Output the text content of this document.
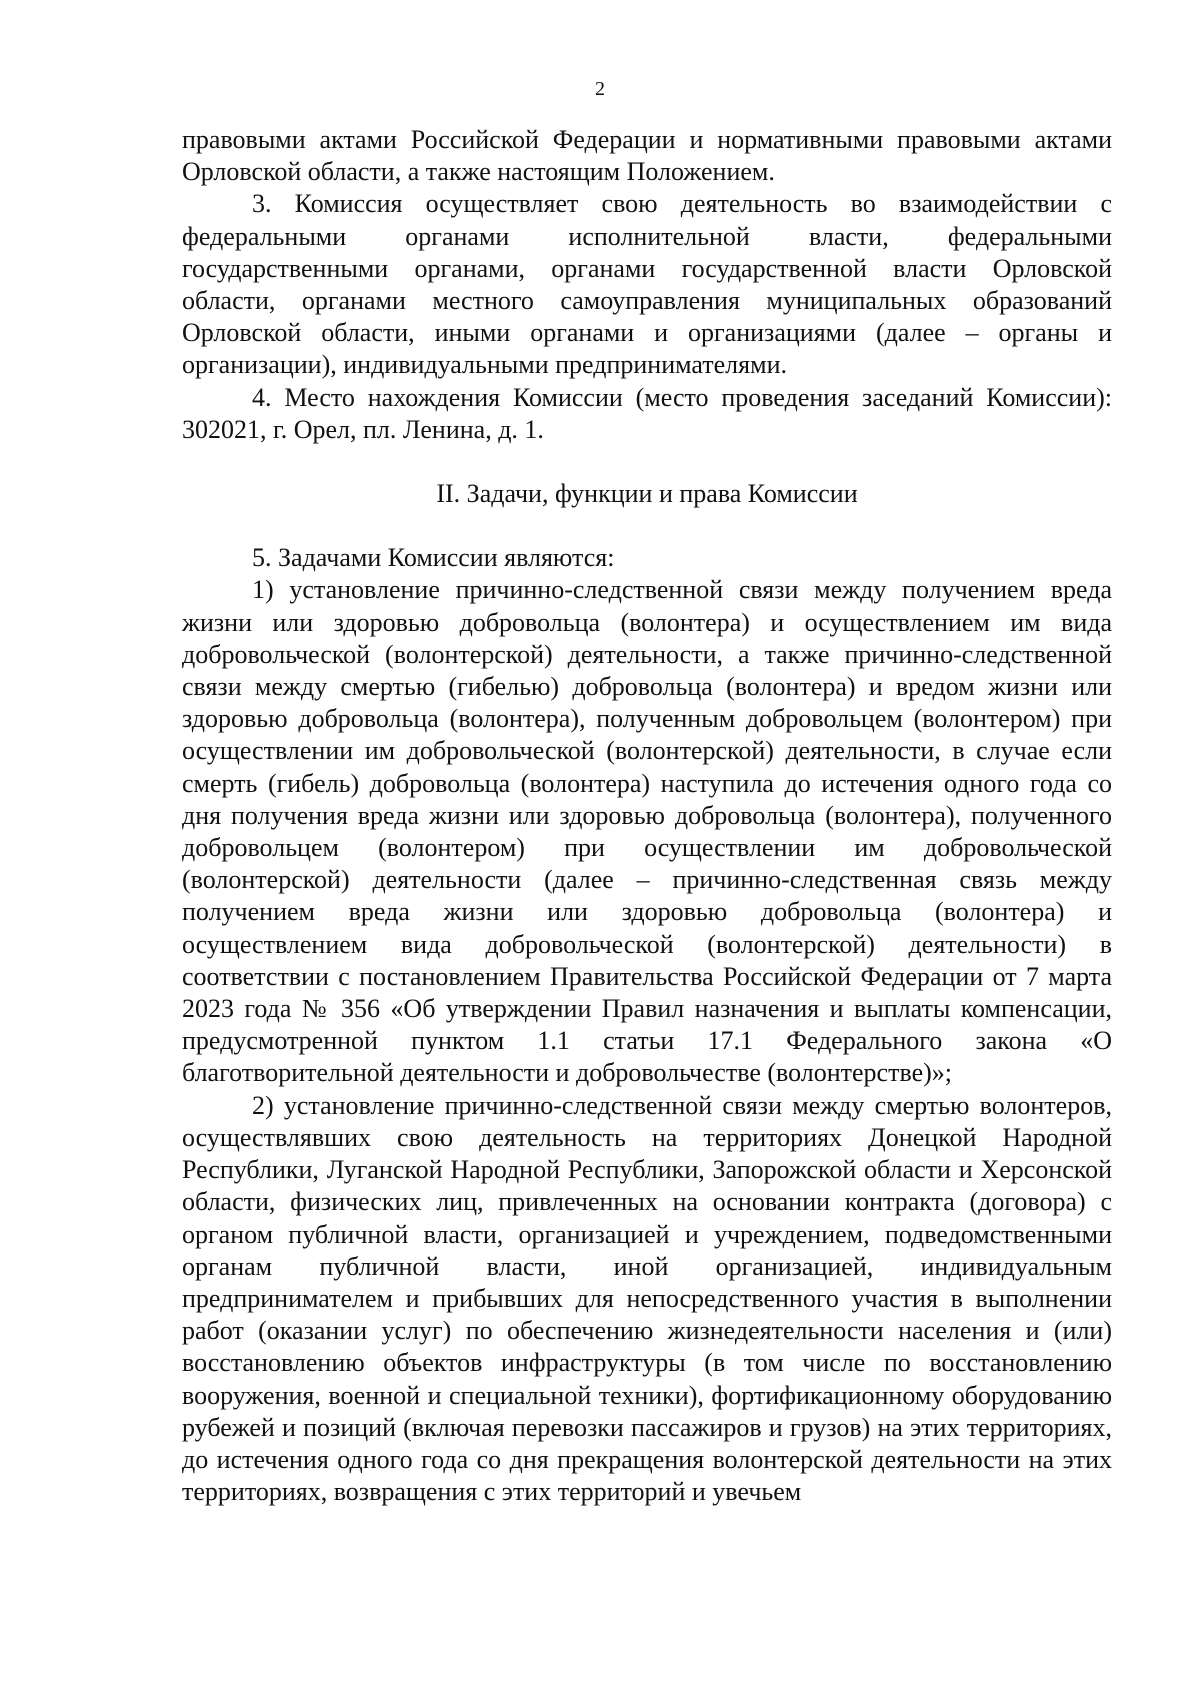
2

правовыми актами Российской Федерации и нормативными правовыми актами Орловской области, а также настоящим Положением.

3. Комиссия осуществляет свою деятельность во взаимодействии с федеральными органами исполнительной власти, федеральными государственными органами, органами государственной власти Орловской области, органами местного самоуправления муниципальных образований Орловской области, иными органами и организациями (далее – органы и организации), индивидуальными предпринимателями.

4. Место нахождения Комиссии (место проведения заседаний Комиссии): 302021, г. Орел, пл. Ленина, д. 1.

II. Задачи, функции и права Комиссии

5. Задачами Комиссии являются:

1) установление причинно-следственной связи между получением вреда жизни или здоровью добровольца (волонтера) и осуществлением им вида добровольческой (волонтерской) деятельности, а также причинно-следственной связи между смертью (гибелью) добровольца (волонтера) и вредом жизни или здоровью добровольца (волонтера), полученным добровольцем (волонтером) при осуществлении им добровольческой (волонтерской) деятельности, в случае если смерть (гибель) добровольца (волонтера) наступила до истечения одного года со дня получения вреда жизни или здоровью добровольца (волонтера), полученного добровольцем (волонтером) при осуществлении им добровольческой (волонтерской) деятельности (далее – причинно-следственная связь между получением вреда жизни или здоровью добровольца (волонтера) и осуществлением вида добровольческой (волонтерской) деятельности) в соответствии с постановлением Правительства Российской Федерации от 7 марта 2023 года № 356 «Об утверждении Правил назначения и выплаты компенсации, предусмотренной пунктом 1.1 статьи 17.1 Федерального закона «О благотворительной деятельности и добровольчестве (волонтерстве)»;

2) установление причинно-следственной связи между смертью волонтеров, осуществлявших свою деятельность на территориях Донецкой Народной Республики, Луганской Народной Республики, Запорожской области и Херсонской области, физических лиц, привлеченных на основании контракта (договора) с органом публичной власти, организацией и учреждением, подведомственными органам публичной власти, иной организацией, индивидуальным предпринимателем и прибывших для непосредственного участия в выполнении работ (оказании услуг) по обеспечению жизнедеятельности населения и (или) восстановлению объектов инфраструктуры (в том числе по восстановлению вооружения, военной и специальной техники), фортификационному оборудованию рубежей и позиций (включая перевозки пассажиров и грузов) на этих территориях, до истечения одного года со дня прекращения волонтерской деятельности на этих территориях, возвращения с этих территорий и увечьем
